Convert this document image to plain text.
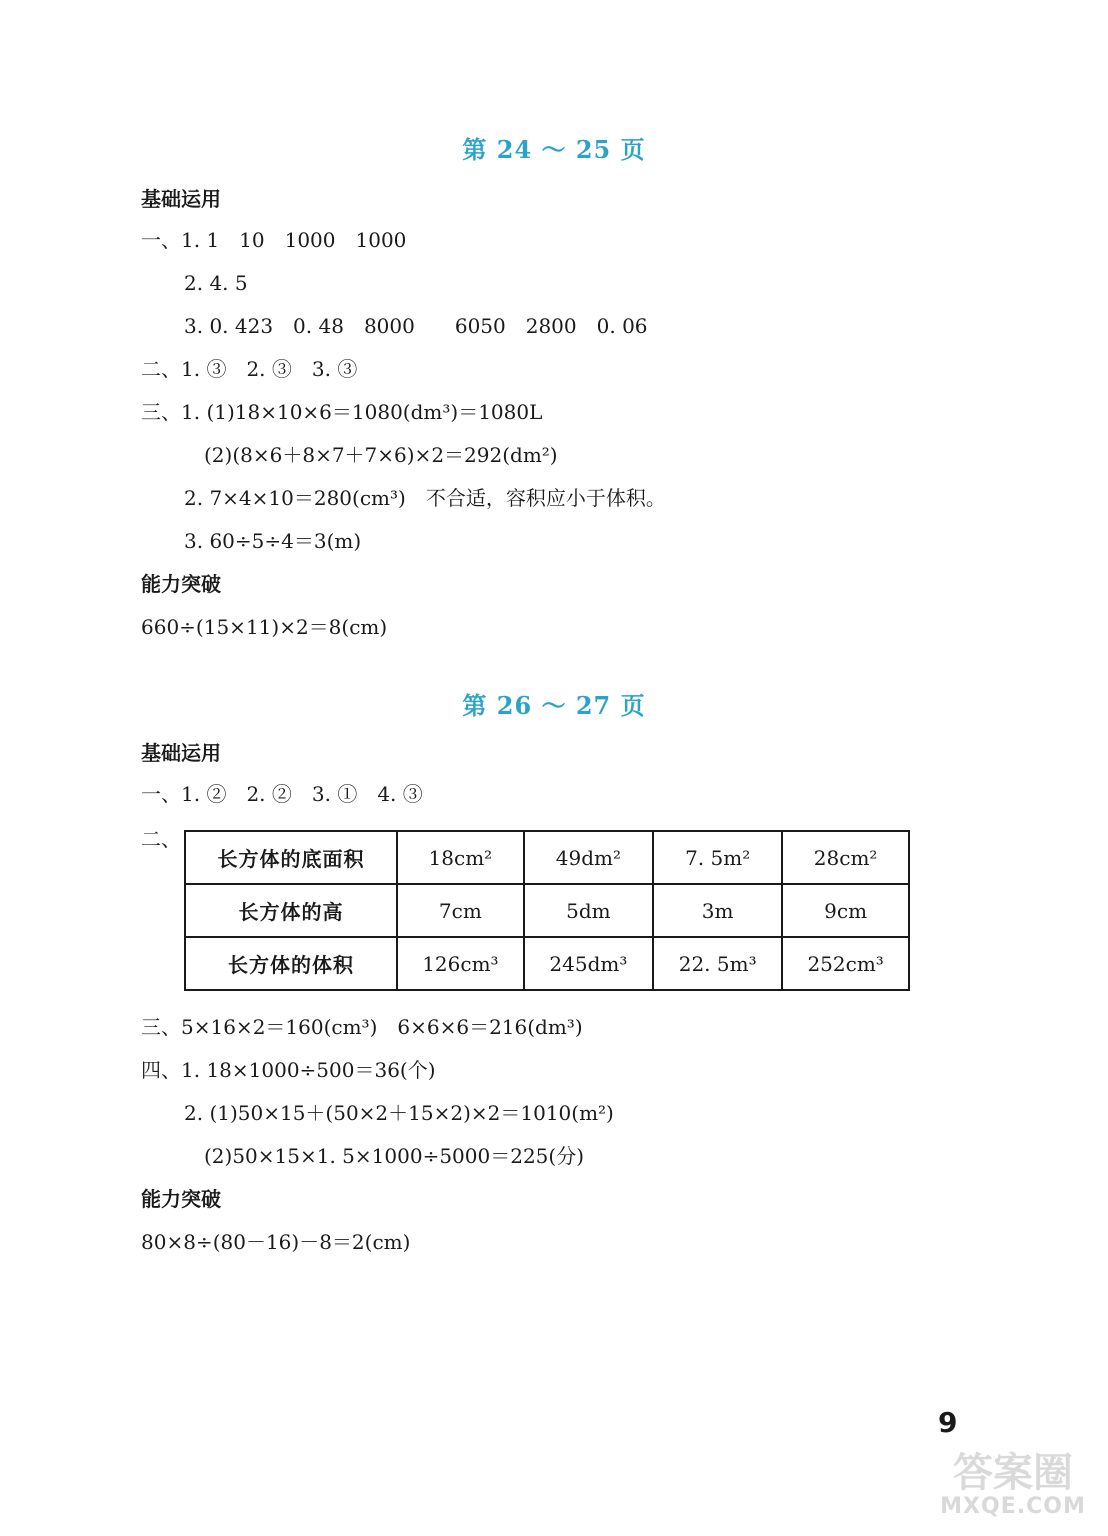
第 24 ～ 25 页
基础运用
一、1. 1　10　1000　1000
2. 4. 5
3. 0. 423　0. 48　8000　　6050　2800　0. 06
二、1. ③　2. ③　3. ③
三、1. (1)18×10×6＝1080(dm³)＝1080L
(2)(8×6＋8×7＋7×6)×2＝292(dm²)
2. 7×4×10＝280(cm³)　不合适，容积应小于体积。
3. 60÷5÷4＝3(m)
能力突破
660÷(15×11)×2＝8(cm)
第 26 ～ 27 页
基础运用
一、1. ②　2. ②　3. ①　4. ③
二、
长方体的底面积	18cm²	49dm²	7. 5m²	28cm²
长方体的高	7cm	5dm	3m	9cm
长方体的体积	126cm³	245dm³	22. 5m³	252cm³
三、5×16×2＝160(cm³)　6×6×6＝216(dm³)
四、1. 18×1000÷500＝36(个)
2. (1)50×15＋(50×2＋15×2)×2＝1010(m²)
(2)50×15×1. 5×1000÷5000＝225(分)
能力突破
80×8÷(80－16)－8＝2(cm)
9
答案圈
MXQE.COM
